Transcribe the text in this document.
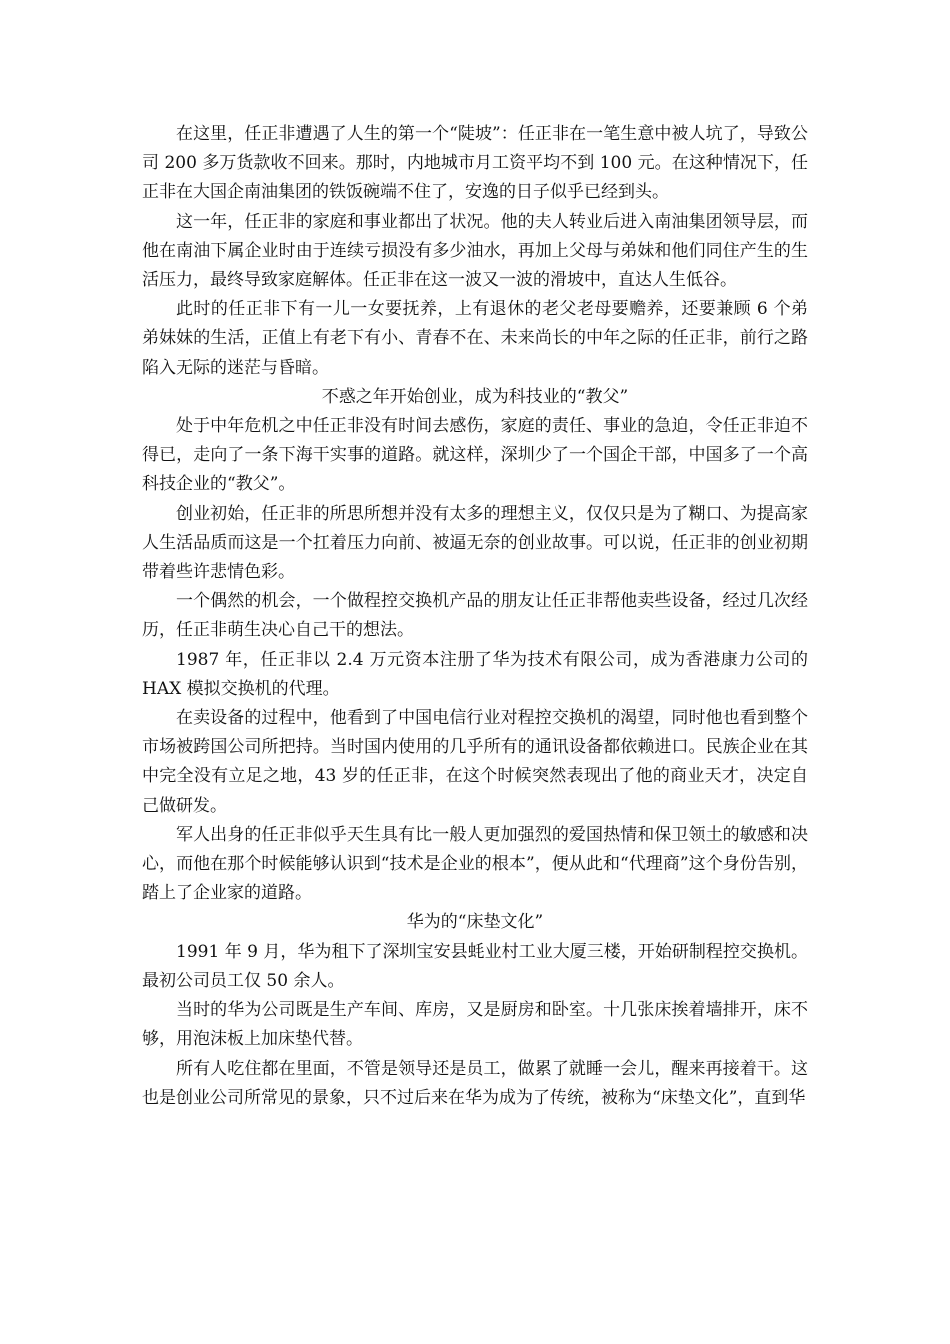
在这里，任正非遭遇了人生的第一个“陡坡”：任正非在一笔生意中被人坑了，导致公司 200 多万货款收不回来。那时，内地城市月工资平均不到 100 元。在这种情况下，任正非在大国企南油集团的铁饭碗端不住了，安逸的日子似乎已经到头。

这一年，任正非的家庭和事业都出了状况。他的夫人转业后进入南油集团领导层，而他在南油下属企业时由于连续亏损没有多少油水，再加上父母与弟妹和他们同住产生的生活压力，最终导致家庭解体。任正非在这一波又一波的滑坡中，直达人生低谷。

此时的任正非下有一儿一女要抚养，上有退休的老父老母要赡养，还要兼顾 6 个弟弟妹妹的生活，正值上有老下有小、青春不在、未来尚长的中年之际的任正非，前行之路陷入无际的迷茫与昏暗。

不惑之年开始创业，成为科技业的“教父”

处于中年危机之中任正非没有时间去感伤，家庭的责任、事业的急迫，令任正非迫不得已，走向了一条下海干实事的道路。就这样，深圳少了一个国企干部，中国多了一个高科技企业的“教父”。

创业初始，任正非的所思所想并没有太多的理想主义，仅仅只是为了糊口、为提高家人生活品质而这是一个扛着压力向前、被逼无奈的创业故事。可以说，任正非的创业初期带着些许悲情色彩。

一个偶然的机会，一个做程控交换机产品的朋友让任正非帮他卖些设备，经过几次经历，任正非萌生决心自己干的想法。

1987 年，任正非以 2.4 万元资本注册了华为技术有限公司，成为香港康力公司的 HAX 模拟交换机的代理。

在卖设备的过程中，他看到了中国电信行业对程控交换机的渴望，同时他也看到整个市场被跨国公司所把持。当时国内使用的几乎所有的通讯设备都依赖进口。民族企业在其中完全没有立足之地，43 岁的任正非，在这个时候突然表现出了他的商业天才，决定自己做研发。

军人出身的任正非似乎天生具有比一般人更加强烈的爱国热情和保卫领土的敏感和决心，而他在那个时候能够认识到“技术是企业的根本”，便从此和“代理商”这个身份告别，踏上了企业家的道路。

华为的“床垫文化”

1991 年 9 月，华为租下了深圳宝安县蚝业村工业大厦三楼，开始研制程控交换机。最初公司员工仅 50 余人。

当时的华为公司既是生产车间、库房，又是厨房和卧室。十几张床挨着墙排开，床不够，用泡沫板上加床垫代替。

所有人吃住都在里面，不管是领导还是员工，做累了就睡一会儿，醒来再接着干。这也是创业公司所常见的景象，只不过后来在华为成为了传统，被称为“床垫文化”，直到华
